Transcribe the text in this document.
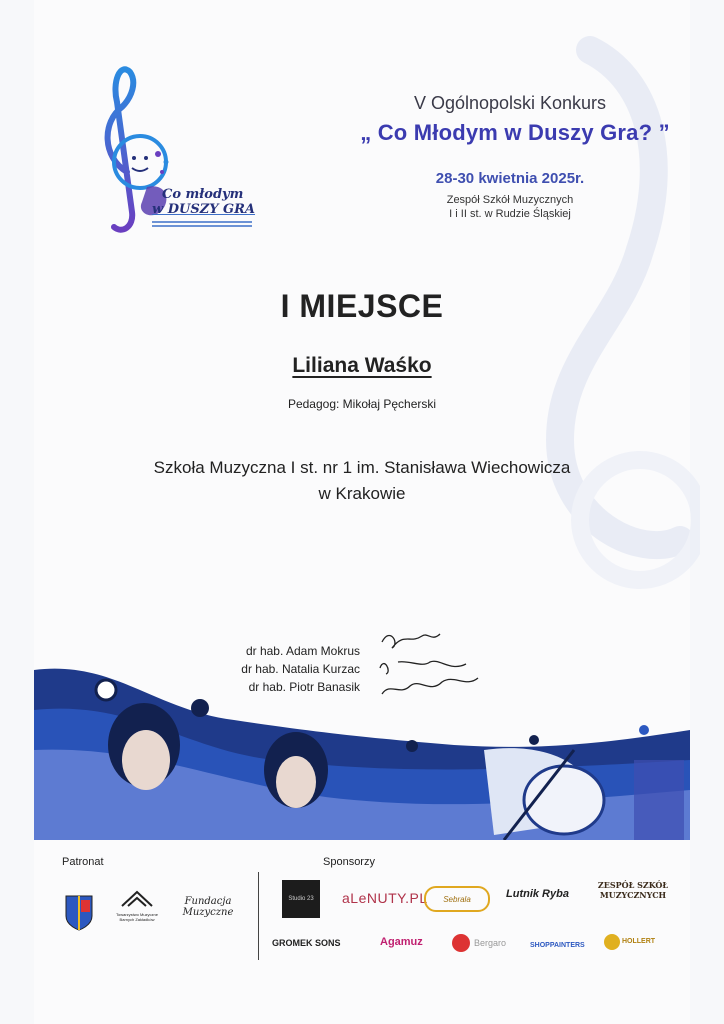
Co młodym
w DUSZY GRA
V Ogólnopolski Konkurs
„ Co Młodym w Duszy Gra? ”
28-30 kwietnia 2025r.
Zespół Szkół Muzycznych
I i II st. w Rudzie Śląskiej
I MIEJSCE
Liliana Waśko
Pedagog: Mikołaj Pęcherski
Szkoła Muzyczna I st. nr 1 im. Stanisława Wiechowicza
w Krakowie
dr hab. Adam Mokrus
dr hab. Natalia Kurzac
dr hab. Piotr Banasik
Patronat	Sponsorzy
Towarzystwo Muzyczne Barnych Zakładków
Fundacja Muzyczne
Studio 23	aLeNUTY.PL	Sebrala	Lutnik Ryba
ZESPÓŁ SZKÓŁ MUZYCZNYCH
GROMEK SONS	Agamuz	Bergaro	SHOPPAINTERS
HOLLERT
